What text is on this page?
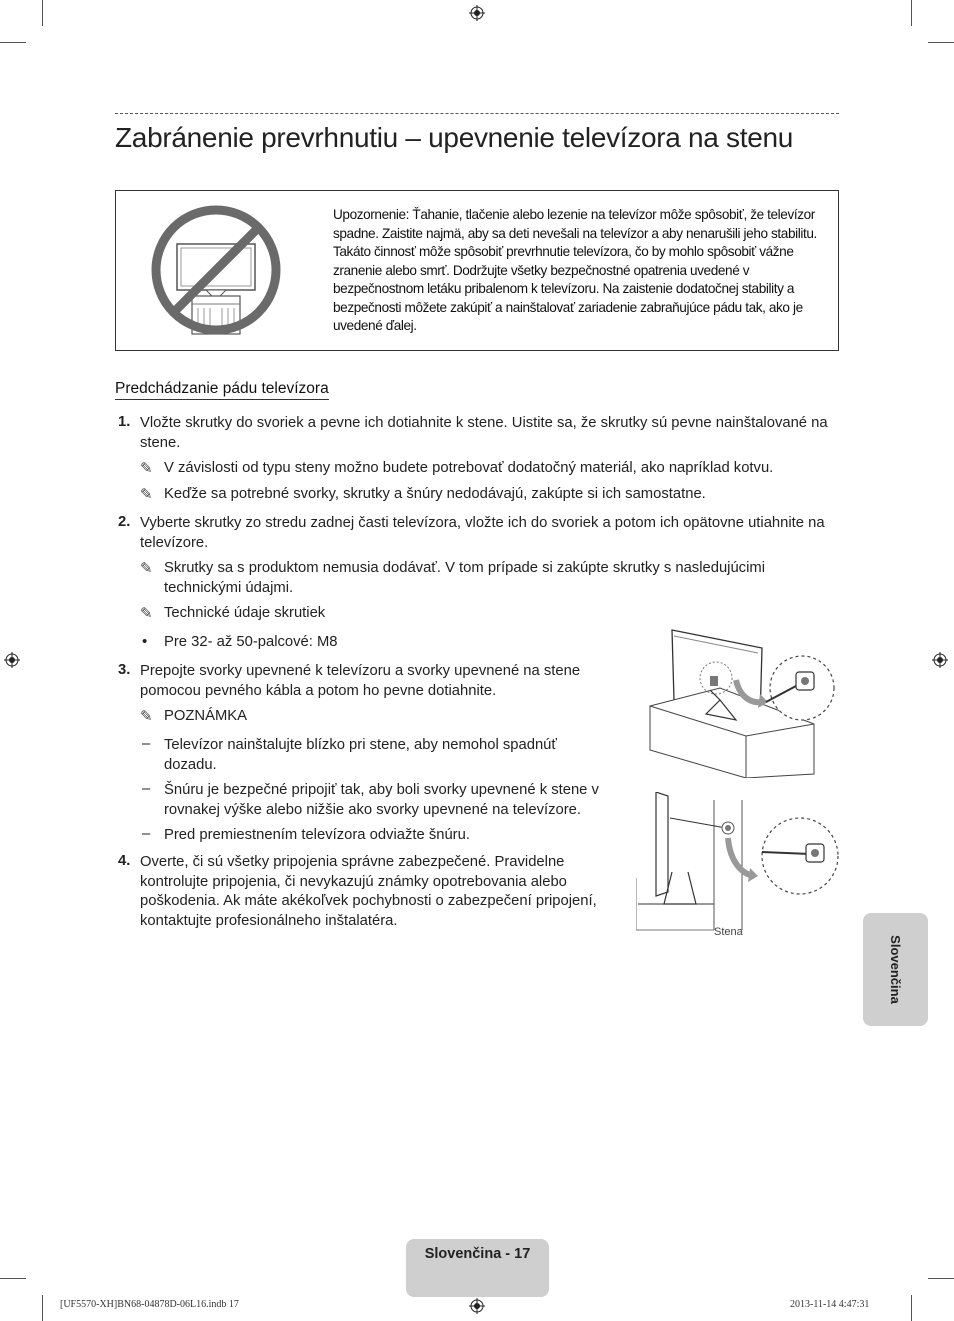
Zabránenie prevrhnutiu – upevnenie televízora na stenu
Upozornenie: Ťahanie, tlačenie alebo lezenie na televízor môže spôsobiť, že televízor spadne. Zaistite najmä, aby sa deti nevešali na televízor a aby nenarušili jeho stabilitu. Takáto činnosť môže spôsobiť prevrhnutie televízora, čo by mohlo spôsobiť vážne zranenie alebo smrť. Dodržujte všetky bezpečnostné opatrenia uvedené v bezpečnostnom letáku pribalenom k televízoru. Na zaistenie dodatočnej stability a bezpečnosti môžete zakúpiť a nainštalovať zariadenie zabraňujúce pádu tak, ako je uvedené ďalej.
Predchádzanie pádu televízora
1. Vložte skrutky do svoriek a pevne ich dotiahnite k stene. Uistite sa, že skrutky sú pevne nainštalované na stene.
✎ V závislosti od typu steny možno budete potrebovať dodatočný materiál, ako napríklad kotvu.
✎ Keďže sa potrebné svorky, skrutky a šnúry nedodávajú, zakúpte si ich samostatne.
2. Vyberte skrutky zo stredu zadnej časti televízora, vložte ich do svoriek a potom ich opätovne utiahnite na televízore.
✎ Skrutky sa s produktom nemusia dodávať. V tom prípade si zakúpte skrutky s nasledujúcimi technickými údajmi.
✎ Technické údaje skrutiek
• Pre 32- až 50-palcové: M8
3. Prepojte svorky upevnené k televízoru a svorky upevnené na stene pomocou pevného kábla a potom ho pevne dotiahnite.
✎ POZNÁMKA
– Televízor nainštalujte blízko pri stene, aby nemohol spadnúť dozadu.
– Šnúru je bezpečné pripojiť tak, aby boli svorky upevnené k stene v rovnakej výške alebo nižšie ako svorky upevnené na televízore.
– Pred premiestnením televízora odviažte šnúru.
4. Overte, či sú všetky pripojenia správne zabezpečené. Pravidelne kontrolujte pripojenia, či nevykazujú známky opotrebovania alebo poškodenia. Ak máte akékoľvek pochybnosti o zabezpečení pripojení, kontaktujte profesionálneho inštalatéra.
Stena
Slovenčina
Slovenčina - 17
[UF5570-XH]BN68-04878D-06L16.indb 17	2013-11-14 4:47:31
